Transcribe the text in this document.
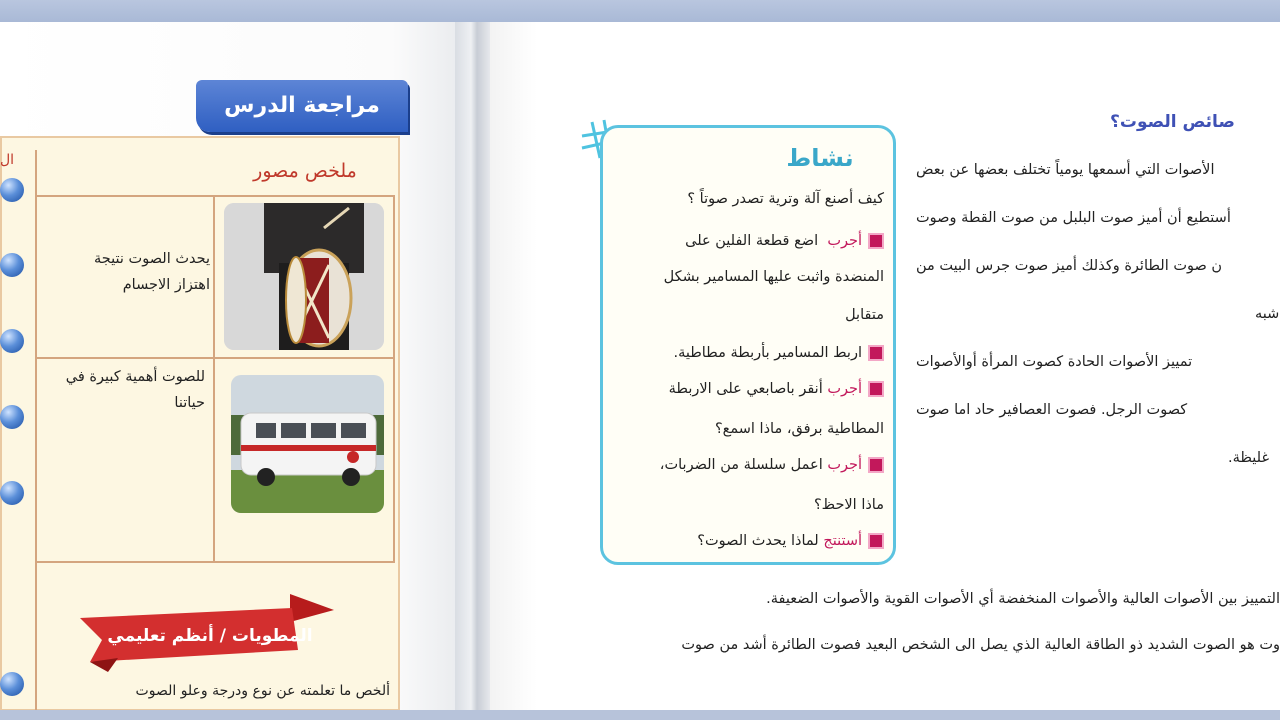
مراجعة الدرس
ملخص مصور
ال
يحدث الصوت نتيجة اهتزاز الاجسام
للصوت أهمية كبيرة في حياتنا
المطويات / أنظم تعليمي
ألخص ما تعلمته عن نوع ودرجة وعلو الصوت
نشاط
كيف أصنع آلة وترية تصدر صوتاً ؟
أجرب  اضع قطعة الفلين على
المنضدة واثبت عليها المسامير بشكل
متقابل
اربط المسامير بأربطة مطاطية.
أجرب أنقر باصابعي على الاربطة
المطاطية برفق، ماذا اسمع؟
أجرب اعمل سلسلة من الضربات،
ماذا الاحظ؟
أستنتج لماذا يحدث الصوت؟
صائص الصوت؟
الأصوات التي أسمعها يومياً تختلف بعضها عن بعض
أستطيع أن أميز صوت البلبل من صوت القطة وصوت
ن صوت الطائرة وكذلك أميز صوت جرس البيت من
شبه
تمييز الأصوات الحادة كصوت المرأة أوالأصوات
كصوت الرجل. فصوت العصافير حاد اما صوت
غليظة.
التمييز بين الأصوات العالية والأصوات المنخفضة أي الأصوات القوية والأصوات الضعيفة.
وت هو الصوت الشديد ذو الطاقة العالية الذي يصل الى الشخص البعيد فصوت الطائرة أشد من صوت
